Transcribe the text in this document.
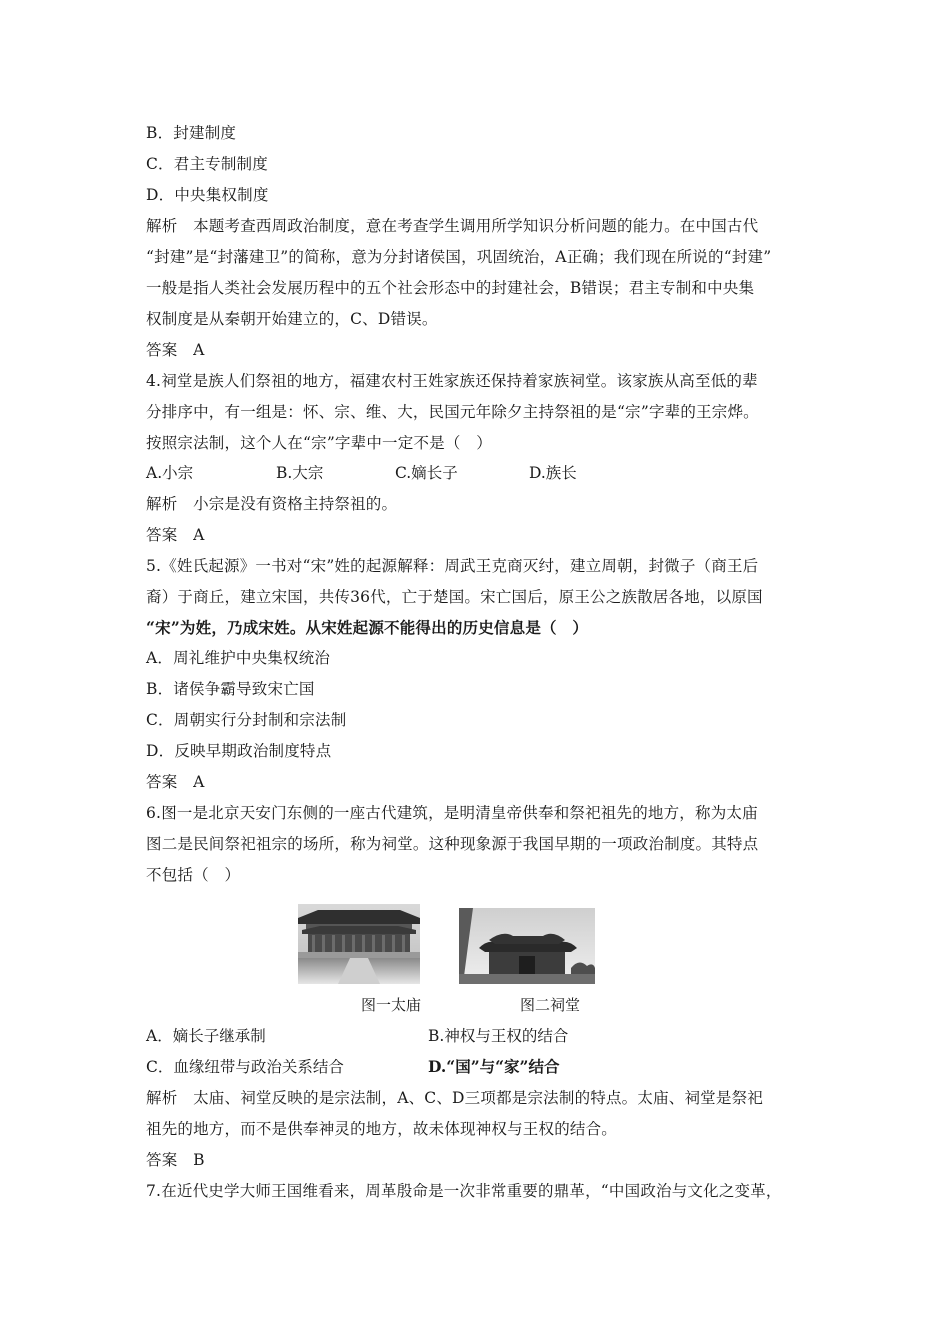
B．封建制度
C．君主专制制度
D．中央集权制度
解析　本题考查西周政治制度，意在考查学生调用所学知识分析问题的能力。在中国古代
“封建”是“封藩建卫”的简称，意为分封诸侯国，巩固统治，A正确；我们现在所说的“封建”
一般是指人类社会发展历程中的五个社会形态中的封建社会，B错误；君主专制和中央集
权制度是从秦朝开始建立的，C、D错误。
答案　A
4.祠堂是族人们祭祖的地方，福建农村王姓家族还保持着家族祠堂。该家族从高至低的辈
分排序中，有一组是：怀、宗、维、大，民国元年除夕主持祭祖的是“宗”字辈的王宗烨。
按照宗法制，这个人在“宗”字辈中一定不是（　）
A.小宗	B.大宗	C.嫡长子	D.族长
解析　小宗是没有资格主持祭祖的。
答案　A
5.《姓氏起源》一书对“宋”姓的起源解释：周武王克商灭纣，建立周朝，封微子（商王后
裔）于商丘，建立宋国，共传36代，亡于楚国。宋亡国后，原王公之族散居各地，以原国
“宋”为姓，乃成宋姓。从宋姓起源不能得出的历史信息是（　）
A．周礼维护中央集权统治
B．诸侯争霸导致宋亡国
C．周朝实行分封制和宗法制
D．反映早期政治制度特点
答案　A
6.图一是北京天安门东侧的一座古代建筑，是明清皇帝供奉和祭祀祖先的地方，称为太庙
图二是民间祭祀祖宗的场所，称为祠堂。这种现象源于我国早期的一项政治制度。其特点
不包括（　）
图一太庙	图二祠堂
A．嫡长子继承制	B.神权与王权的结合
C．血缘纽带与政治关系结合	D.“国”与“家”结合
解析　太庙、祠堂反映的是宗法制，A、C、D三项都是宗法制的特点。太庙、祠堂是祭祀
祖先的地方，而不是供奉神灵的地方，故未体现神权与王权的结合。
答案　B
7.在近代史学大师王国维看来，周革殷命是一次非常重要的鼎革，“中国政治与文化之变革，
